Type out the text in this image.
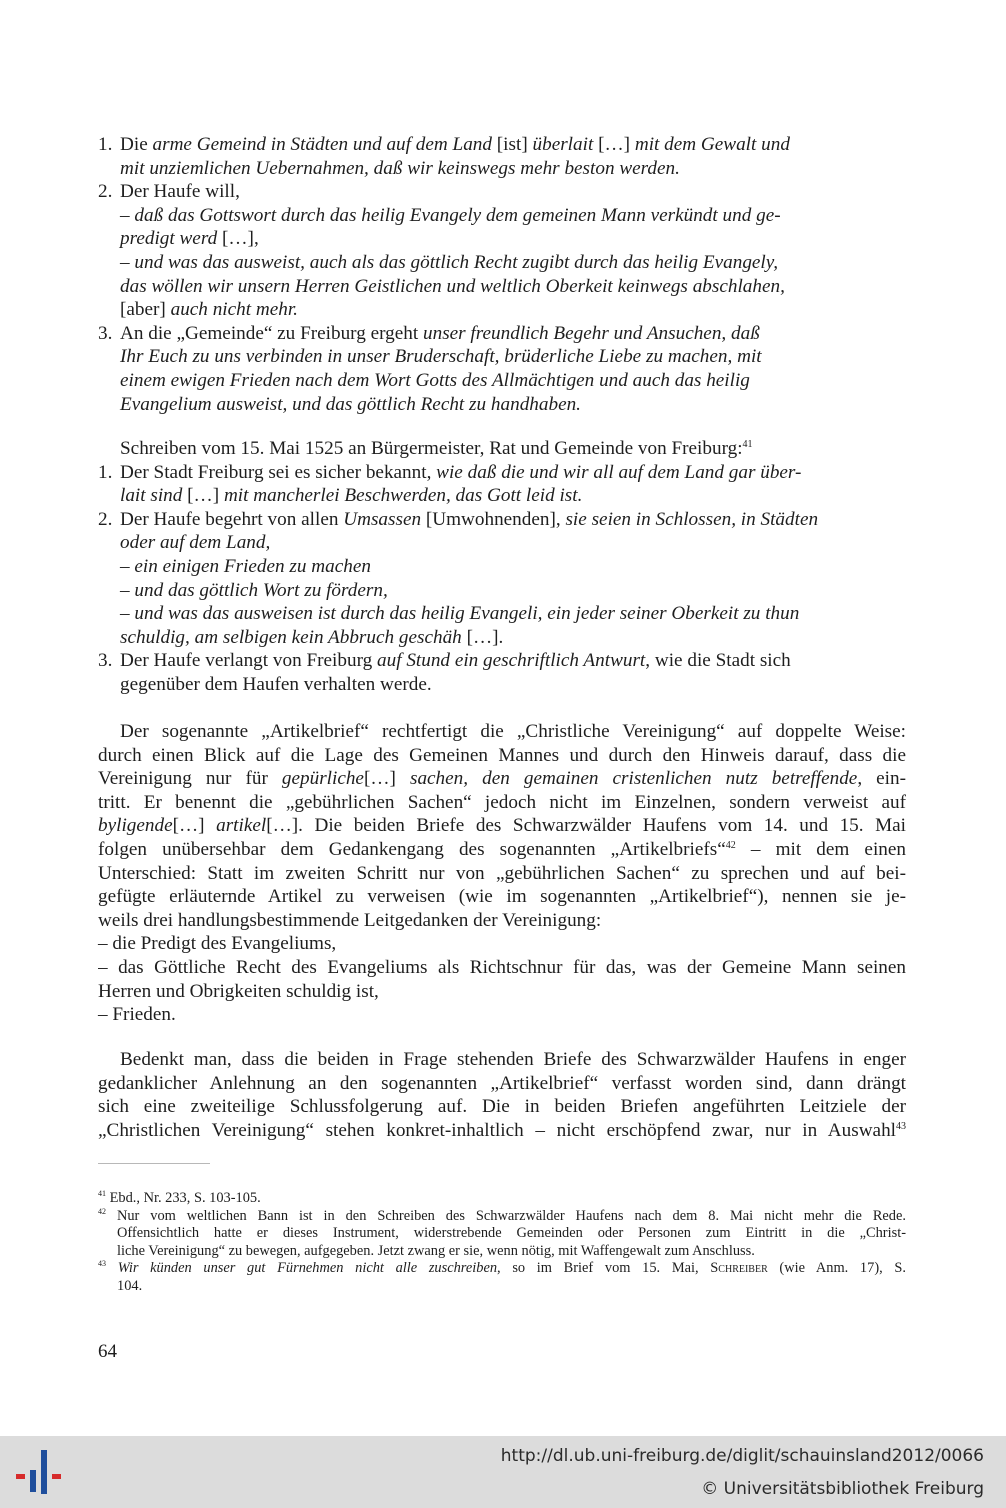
1. Die arme Gemeind in Städten und auf dem Land [ist] überlait […] mit dem Gewalt und
mit unziemlichen Uebernahmen, daß wir keinswegs mehr beston werden.
2. Der Haufe will,
– daß das Gottswort durch das heilig Evangely dem gemeinen Mann verkündt und ge-
predigt werd […],
– und was das ausweist, auch als das göttlich Recht zugibt durch das heilig Evangely,
das wöllen wir unsern Herren Geistlichen und weltlich Oberkeit keinwegs abschlahen,
[aber] auch nicht mehr.
3. An die „Gemeinde“ zu Freiburg ergeht unser freundlich Begehr und Ansuchen, daß
Ihr Euch zu uns verbinden in unser Bruderschaft, brüderliche Liebe zu machen, mit
einem ewigen Frieden nach dem Wort Gotts des Allmächtigen und auch das heilig
Evangelium ausweist, und das göttlich Recht zu handhaben.
Schreiben vom 15. Mai 1525 an Bürgermeister, Rat und Gemeinde von Freiburg:$^{41}$
1. Der Stadt Freiburg sei es sicher bekannt, wie daß die und wir all auf dem Land gar über-
lait sind […] mit mancherlei Beschwerden, das Gott leid ist.
2. Der Haufe begehrt von allen Umsassen [Umwohnenden], sie seien in Schlossen, in Städten
oder auf dem Land,
– ein einigen Frieden zu machen
– und das göttlich Wort zu fördern,
– und was das ausweisen ist durch das heilig Evangeli, ein jeder seiner Oberkeit zu thun
schuldig, am selbigen kein Abbruch geschäh […].
3. Der Haufe verlangt von Freiburg auf Stund ein geschriftlich Antwurt, wie die Stadt sich
gegenüber dem Haufen verhalten werde.
Der sogenannte „Artikelbrief“ rechtfertigt die „Christliche Vereinigung“ auf doppelte Weise:
durch einen Blick auf die Lage des Gemeinen Mannes und durch den Hinweis darauf, dass die
Vereinigung nur für gepürliche[…] sachen, den gemainen cristenlichen nutz betreffende, ein-
tritt. Er benennt die „gebührlichen Sachen“ jedoch nicht im Einzelnen, sondern verweist auf
byligende[…] artikel[…]. Die beiden Briefe des Schwarzwälder Haufens vom 14. und 15. Mai
folgen unübersehbar dem Gedankengang des sogenannten „Artikelbriefs“$^{42}$ – mit dem einen
Unterschied: Statt im zweiten Schritt nur von „gebührlichen Sachen“ zu sprechen und auf bei-
gefügte erläuternde Artikel zu verweisen (wie im sogenannten „Artikelbrief“), nennen sie je-
weils drei handlungsbestimmende Leitgedanken der Vereinigung:
– die Predigt des Evangeliums,
– das Göttliche Recht des Evangeliums als Richtschnur für das, was der Gemeine Mann seinen
Herren und Obrigkeiten schuldig ist,
– Frieden.
Bedenkt man, dass die beiden in Frage stehenden Briefe des Schwarzwälder Haufens in enger
gedanklicher Anlehnung an den sogenannten „Artikelbrief“ verfasst worden sind, dann drängt
sich eine zweiteilige Schlussfolgerung auf. Die in beiden Briefen angeführten Leitziele der
„Christlichen Vereinigung“ stehen konkret-inhaltlich – nicht erschöpfend zwar, nur in Auswahl$^{43}$
$^{41}$ Ebd., Nr. 233, S. 103-105.
$^{42}$ Nur vom weltlichen Bann ist in den Schreiben des Schwarzwälder Haufens nach dem 8. Mai nicht mehr die Rede.
Offensichtlich hatte er dieses Instrument, widerstrebende Gemeinden oder Personen zum Eintritt in die „Christ-
liche Vereinigung“ zu bewegen, aufgegeben. Jetzt zwang er sie, wenn nötig, mit Waffengewalt zum Anschluss.
$^{43}$ Wir künden unser gut Fürnehmen nicht alle zuschreiben, so im Brief vom 15. Mai, Schreiber (wie Anm. 17), S.
104.
64
http://dl.ub.uni-freiburg.de/diglit/schauinsland2012/0066
© Universitätsbibliothek Freiburg
